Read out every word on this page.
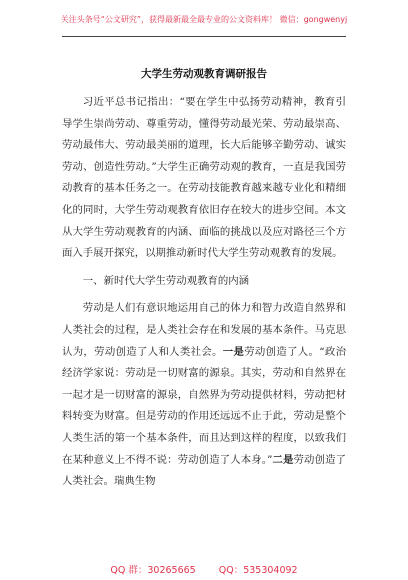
关注头条号“公文研究”，获得最新最全最专业的公文资料库！ 微信：gongwenyj
大学生劳动观教育调研报告

习近平总书记指出：“要在学生中弘扬劳动精神，教育引导学生崇尚劳动、尊重劳动，懂得劳动最光荣、劳动最崇高、劳动最伟大、劳动最美丽的道理，长大后能够辛勤劳动、诚实劳动、创造性劳动。”大学生正确劳动观的教育，一直是我国劳动教育的基本任务之一。在劳动技能教育越来越专业化和精细化的同时，大学生劳动观教育依旧存在较大的进步空间。本文从大学生劳动观教育的内涵、面临的挑战以及应对路径三个方面入手展开探究，以期推动新时代大学生劳动观教育的发展。

一、新时代大学生劳动观教育的内涵

劳动是人们有意识地运用自己的体力和智力改造自然界和人类社会的过程，是人类社会存在和发展的基本条件。马克思认为，劳动创造了人和人类社会。一是劳动创造了人。“政治经济学家说：劳动是一切财富的源泉。其实，劳动和自然界在一起才是一切财富的源泉，自然界为劳动提供材料，劳动把材料转变为财富。但是劳动的作用还远远不止于此，劳动是整个人类生活的第一个基本条件，而且达到这样的程度，以致我们在某种意义上不得不说：劳动创造了人本身。”二是劳动创造了人类社会。瑞典生物

QQ 群：30265665 QQ：535304092
